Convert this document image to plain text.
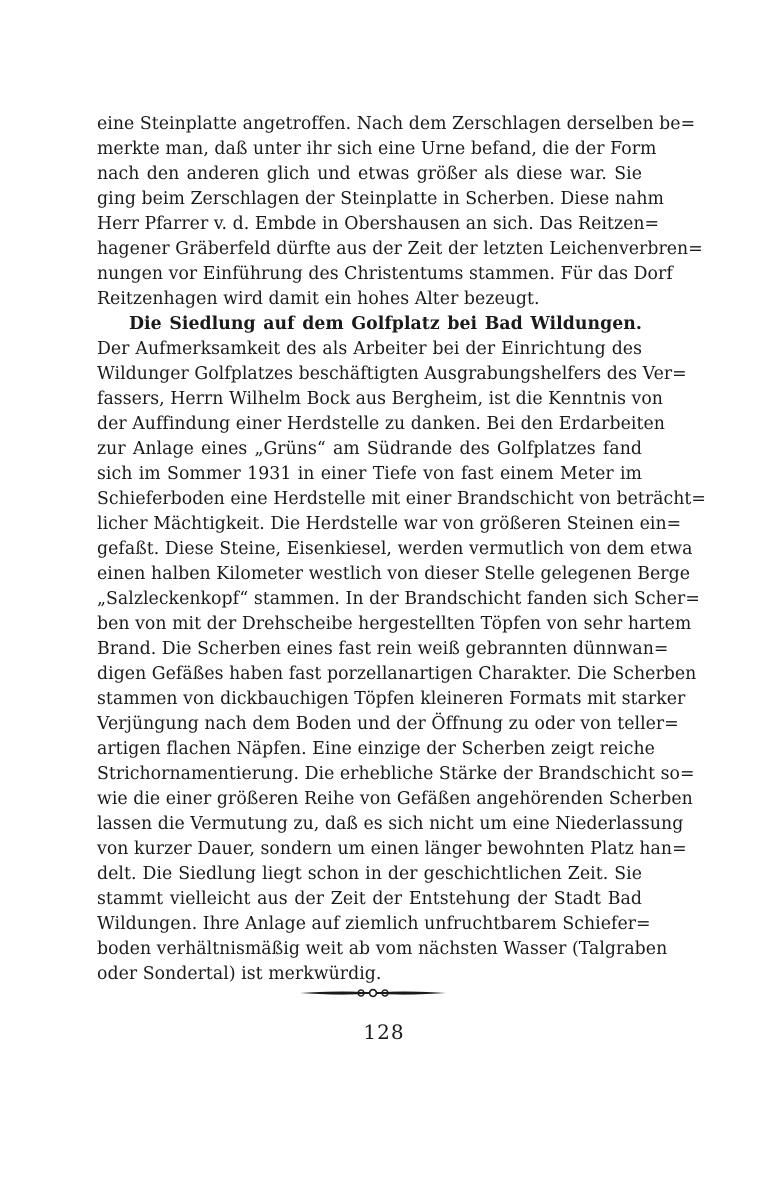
eine Steinplatte angetroffen. Nach dem Zerschlagen derselben be=
merkte man, daß unter ihr sich eine Urne befand, die der Form
nach den anderen glich und etwas größer als diese war. Sie
ging beim Zerschlagen der Steinplatte in Scherben. Diese nahm
Herr Pfarrer v. d. Embde in Obershausen an sich. Das Reitzen=
hagener Gräberfeld dürfte aus der Zeit der letzten Leichenverbren=
nungen vor Einführung des Christentums stammen. Für das Dorf
Reitzenhagen wird damit ein hohes Alter bezeugt.
Die Siedlung auf dem Golfplatz bei Bad Wildungen.
Der Aufmerksamkeit des als Arbeiter bei der Einrichtung des
Wildunger Golfplatzes beschäftigten Ausgrabungshelfers des Ver=
fassers, Herrn Wilhelm Bock aus Bergheim, ist die Kenntnis von
der Auffindung einer Herdstelle zu danken. Bei den Erdarbeiten
zur Anlage eines „Grüns“ am Südrande des Golfplatzes fand
sich im Sommer 1931 in einer Tiefe von fast einem Meter im
Schieferboden eine Herdstelle mit einer Brandschicht von beträcht=
licher Mächtigkeit. Die Herdstelle war von größeren Steinen ein=
gefaßt. Diese Steine, Eisenkiesel, werden vermutlich von dem etwa
einen halben Kilometer westlich von dieser Stelle gelegenen Berge
„Salzleckenkopf“ stammen. In der Brandschicht fanden sich Scher=
ben von mit der Drehscheibe hergestellten Töpfen von sehr hartem
Brand. Die Scherben eines fast rein weiß gebrannten dünnwan=
digen Gefäßes haben fast porzellanartigen Charakter. Die Scherben
stammen von dickbauchigen Töpfen kleineren Formats mit starker
Verjüngung nach dem Boden und der Öffnung zu oder von teller=
artigen flachen Näpfen. Eine einzige der Scherben zeigt reiche
Strichornamentierung. Die erhebliche Stärke der Brandschicht so=
wie die einer größeren Reihe von Gefäßen angehörenden Scherben
lassen die Vermutung zu, daß es sich nicht um eine Niederlassung
von kurzer Dauer, sondern um einen länger bewohnten Platz han=
delt. Die Siedlung liegt schon in der geschichtlichen Zeit. Sie
stammt vielleicht aus der Zeit der Entstehung der Stadt Bad
Wildungen. Ihre Anlage auf ziemlich unfruchtbarem Schiefer=
boden verhältnismäßig weit ab vom nächsten Wasser (Talgraben
oder Sondertal) ist merkwürdig.
128
